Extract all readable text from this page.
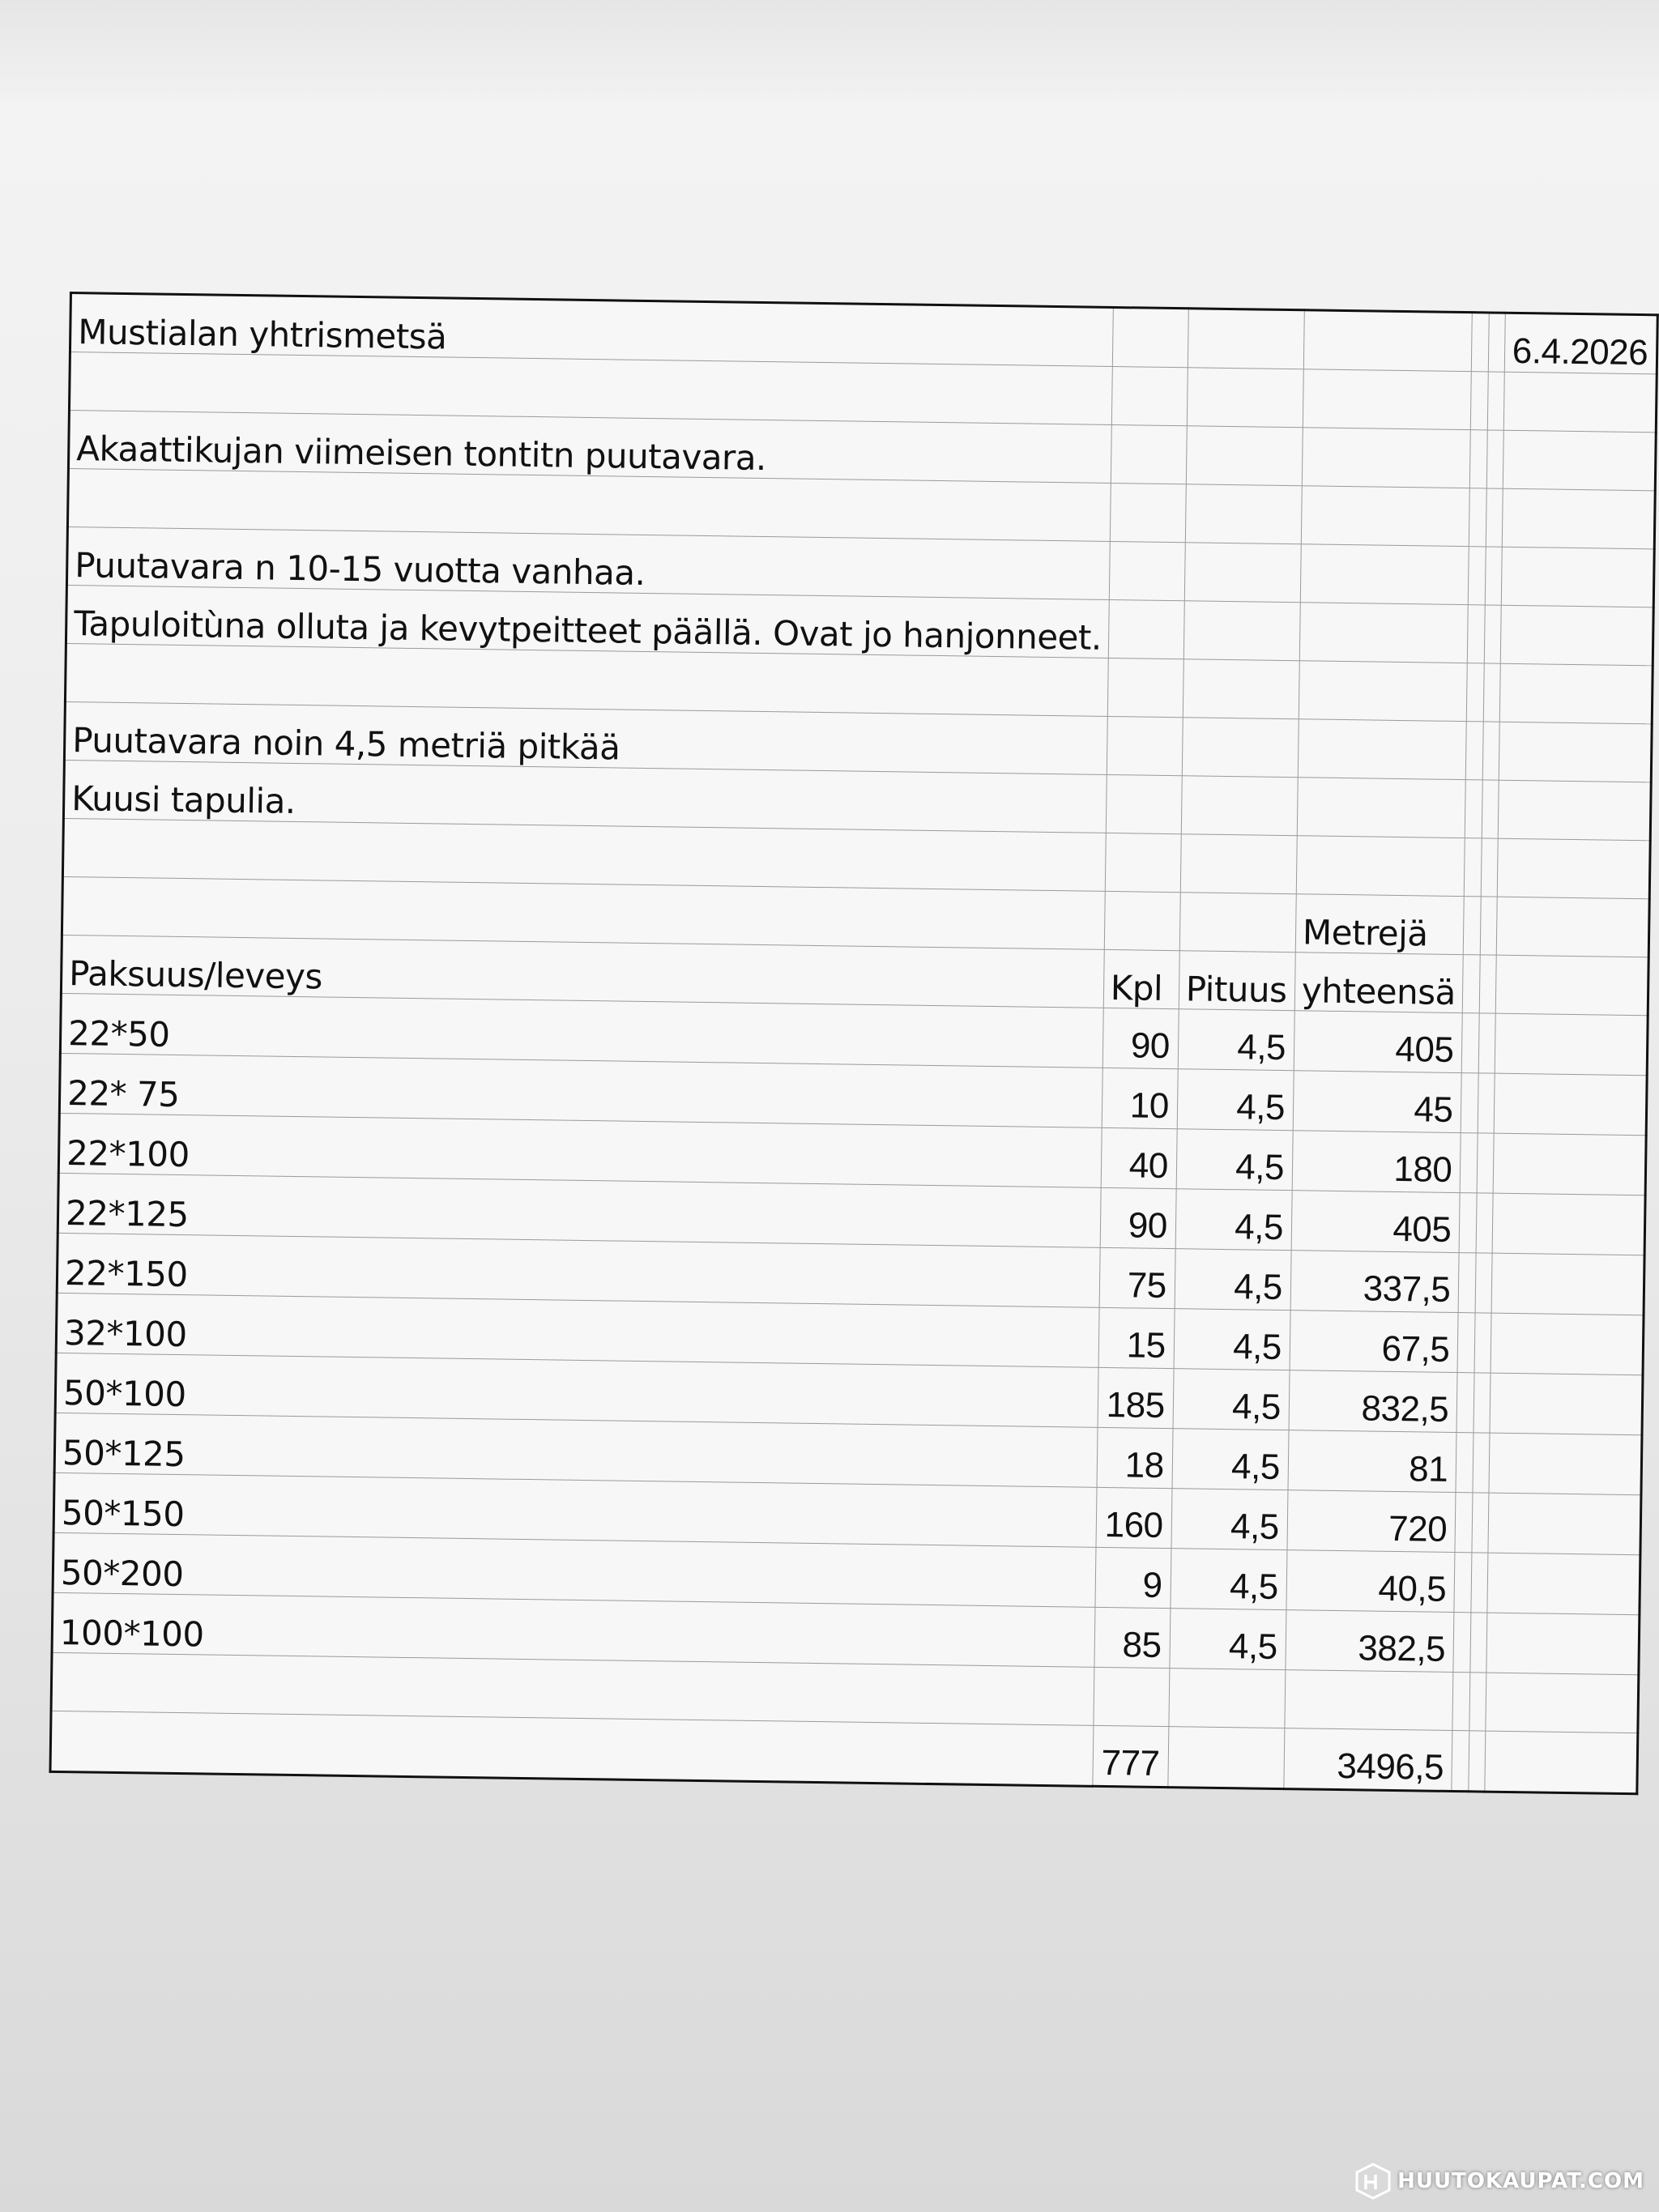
Mustialan yhtrismetsä						6.4.2026

Akaattikujan viimeisen tontitn puutavara.						

Puutavara n 10-15 vuotta vanhaa.						
Tapuloitùna olluta ja kevytpeitteet päällä. Ovat jo hanjonneet.						

Puutavara noin 4,5 metriä pitkää						
Kuusi tapulia.						

			Metrejä			
Paksuus/leveys	Kpl	Pituus	yhteensä			
22*50	90	4,5	405			
22* 75	10	4,5	45			
22*100	40	4,5	180			
22*125	90	4,5	405			
22*150	75	4,5	337,5			
32*100	15	4,5	67,5			
50*100	185	4,5	832,5			
50*125	18	4,5	81			
50*150	160	4,5	720			
50*200	9	4,5	40,5			
100*100	85	4,5	382,5			

	777		3496,5			
HUUTOKAUPAT.COM
